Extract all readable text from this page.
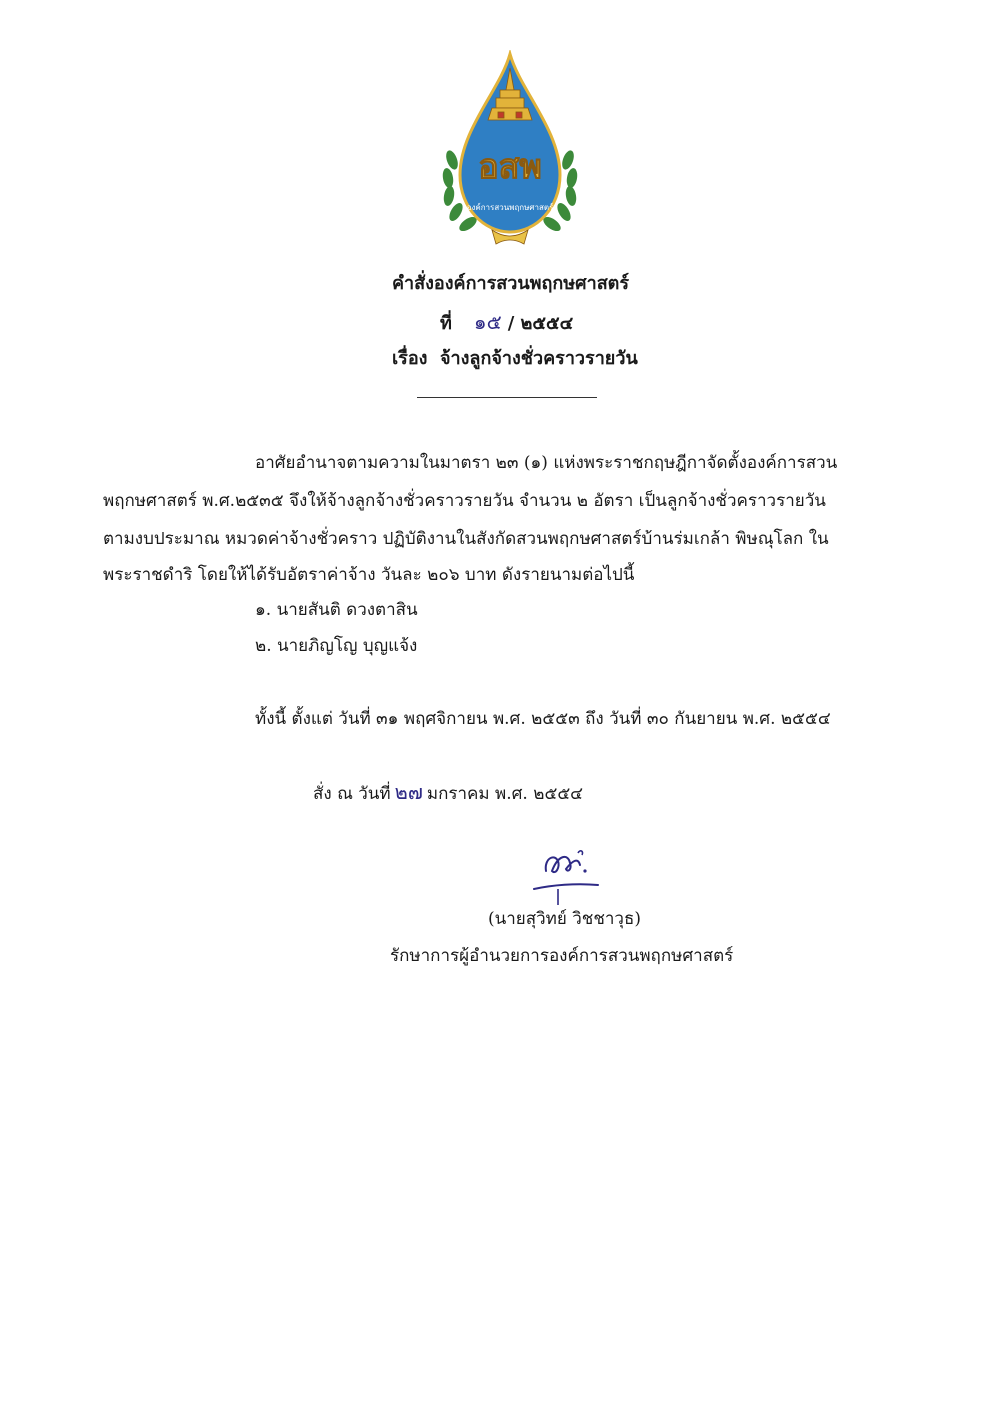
อสพ
องค์การสวนพฤกษศาสตร์
คำสั่งองค์การสวนพฤกษศาสตร์
ที่ ๑๕ / ๒๕๕๔
เรื่อง จ้างลูกจ้างชั่วคราวรายวัน
อาศัยอำนาจตามความในมาตรา ๒๓ (๑) แห่งพระราชกฤษฎีกาจัดตั้งองค์การสวน
พฤกษศาสตร์ พ.ศ.๒๕๓๕ จึงให้จ้างลูกจ้างชั่วคราวรายวัน จำนวน ๒ อัตรา เป็นลูกจ้างชั่วคราวรายวัน
ตามงบประมาณ หมวดค่าจ้างชั่วคราว ปฏิบัติงานในสังกัดสวนพฤกษศาสตร์บ้านร่มเกล้า พิษณุโลก ใน
พระราชดำริ โดยให้ได้รับอัตราค่าจ้าง วันละ ๒๐๖ บาท ดังรายนามต่อไปนี้
๑. นายสันติ ดวงตาสิน
๒. นายภิญโญ บุญแจ้ง
ทั้งนี้ ตั้งแต่ วันที่ ๓๑ พฤศจิกายน พ.ศ. ๒๕๕๓ ถึง วันที่ ๓๐ กันยายน พ.ศ. ๒๕๕๔
สั่ง ณ วันที่ ๒๗ มกราคม พ.ศ. ๒๕๕๔
(นายสุวิทย์ วิชชาวุธ)
รักษาการผู้อำนวยการองค์การสวนพฤกษศาสตร์
